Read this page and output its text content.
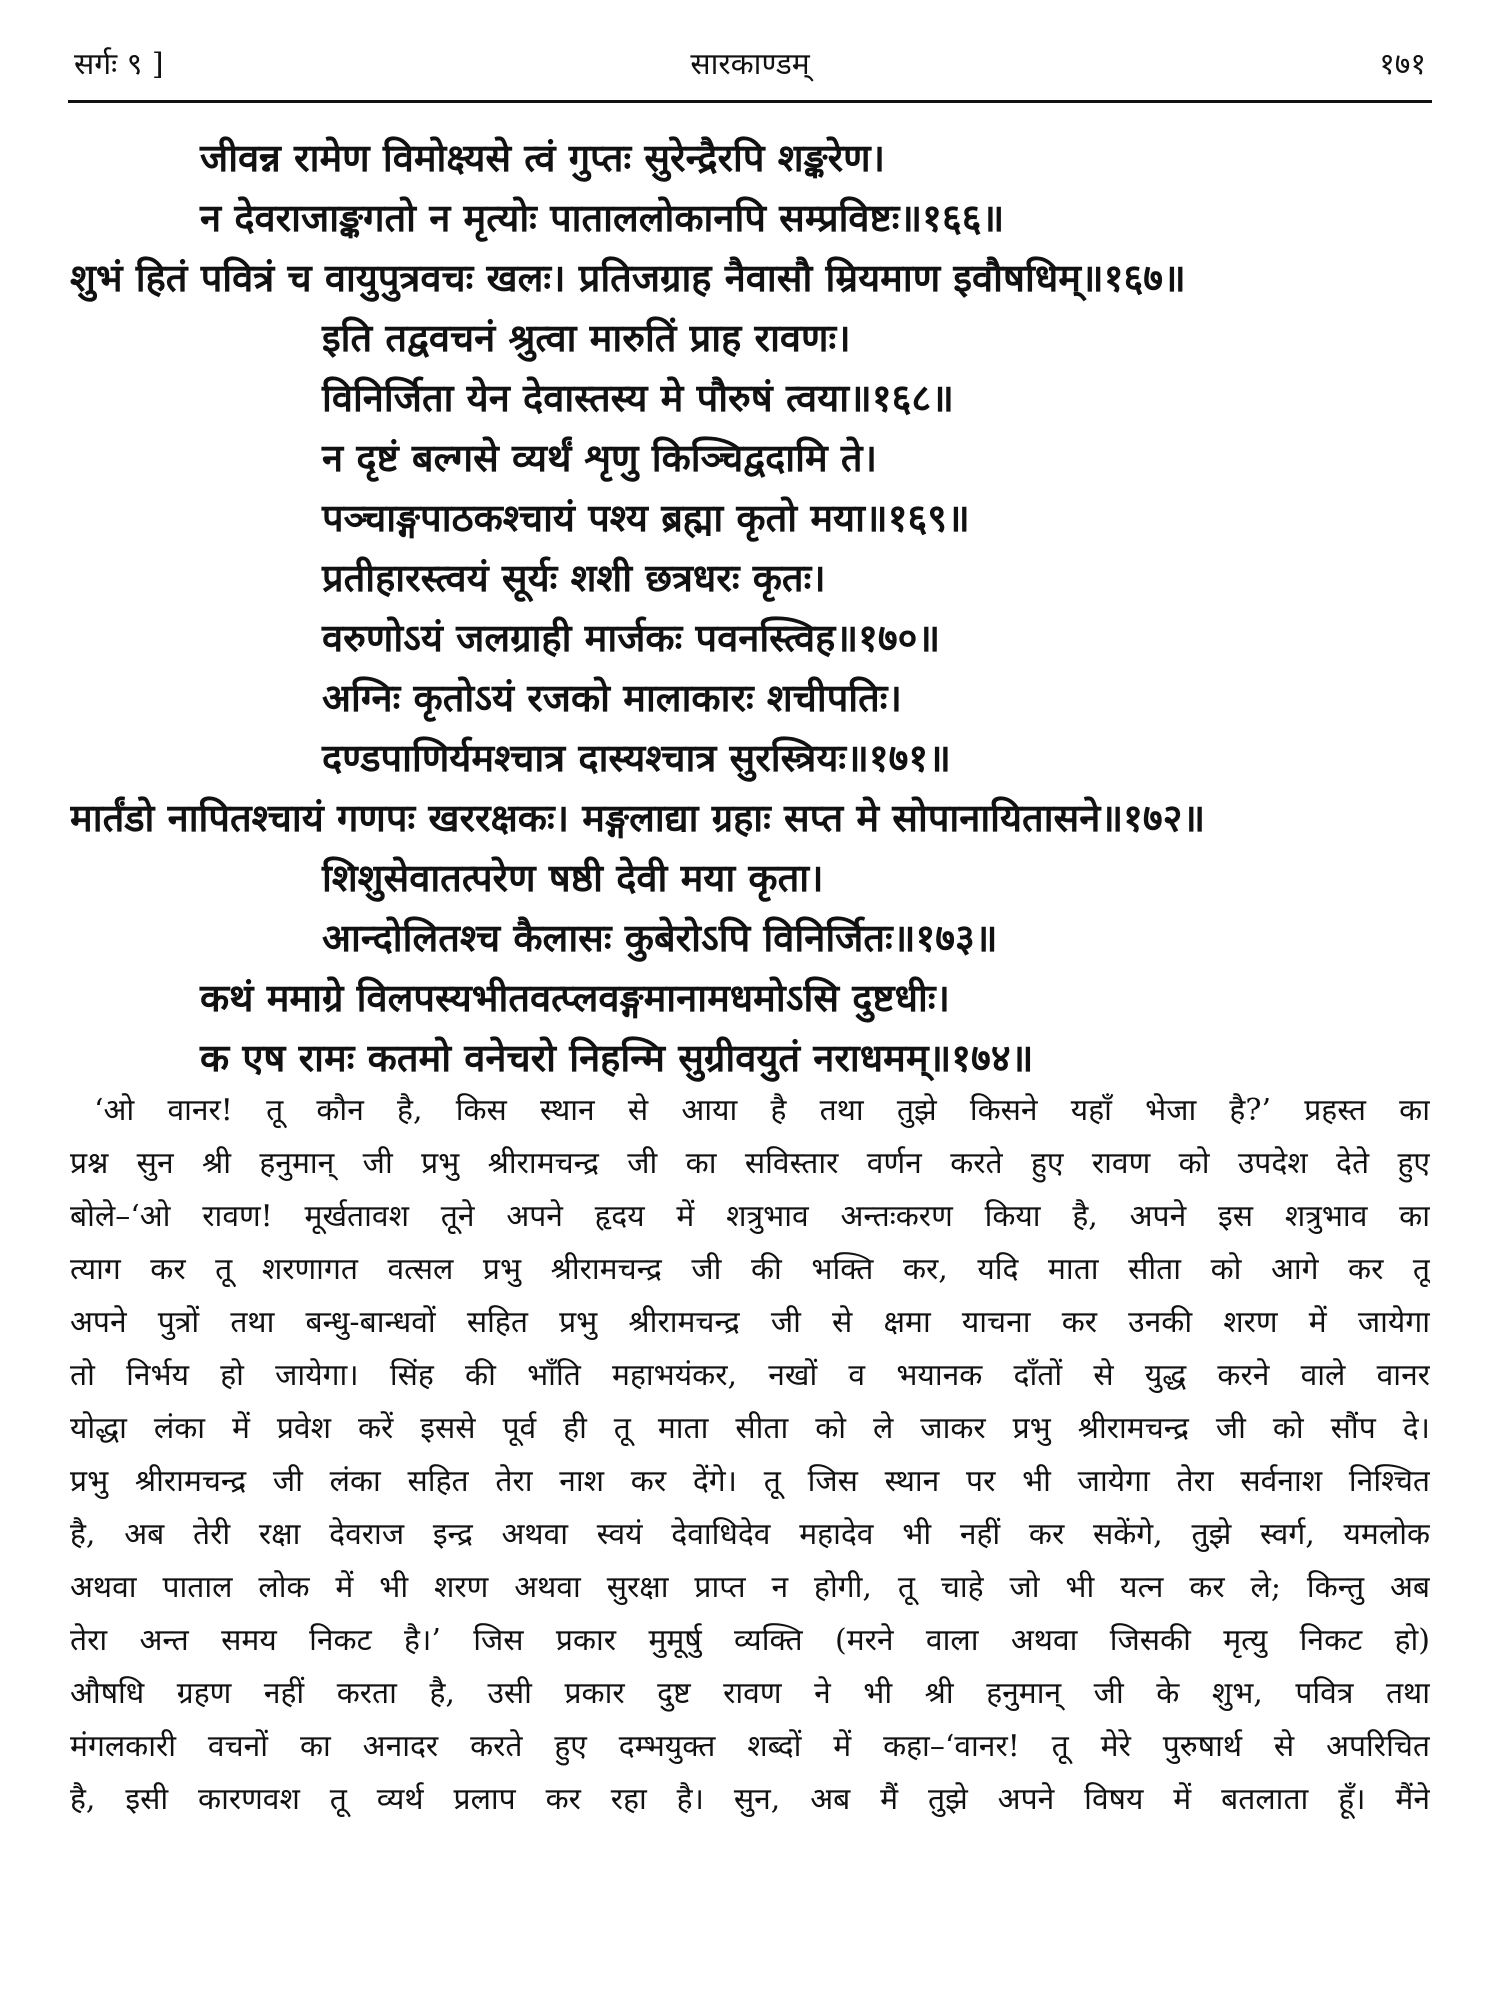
सर्गः ९ ]	सारकाण्डम्	१७१
जीवन्न रामेण विमोक्ष्यसे त्वं गुप्तः सुरेन्द्रैरपि शङ्करेण।
न देवराजाङ्कगतो न मृत्योः पाताललोकानपि सम्प्रविष्टः॥१६६॥
शुभं हितं पवित्रं च वायुपुत्रवचः खलः। प्रतिजग्राह नैवासौ म्रियमाण इवौषधिम्॥१६७॥
इति तद्ववचनं श्रुत्वा मारुतिं प्राह रावणः।
विनिर्जिता येन देवास्तस्य मे पौरुषं त्वया॥१६८॥
न दृष्टं बल्गसे व्यर्थं शृणु किञ्चिद्वदामि ते।
पञ्चाङ्गपाठकश्चायं पश्य ब्रह्मा कृतो मया॥१६९॥
प्रतीहारस्त्वयं सूर्यः शशी छत्रधरः कृतः।
वरुणोऽयं जलग्राही मार्जकः पवनस्त्विह॥१७०॥
अग्निः कृतोऽयं रजको मालाकारः शचीपतिः।
दण्डपाणिर्यमश्चात्र दास्यश्चात्र सुरस्त्रियः॥१७१॥
मार्तंडो नापितश्चायं गणपः खररक्षकः। मङ्गलाद्या ग्रहाः सप्त मे सोपानायितासने॥१७२॥
शिशुसेवातत्परेण षष्ठी देवी मया कृता।
आन्दोलितश्च कैलासः कुबेरोऽपि विनिर्जितः॥१७३॥
कथं ममाग्रे विलपस्यभीतवत्प्लवङ्गमानामधमोऽसि दुष्टधीः।
क एष रामः कतमो वनेचरो निहन्मि सुग्रीवयुतं नराधमम्॥१७४॥
‘ओ वानर! तू कौन है, किस स्थान से आया है तथा तुझे किसने यहाँ भेजा है?’ प्रहस्त का
प्रश्न सुन श्री हनुमान् जी प्रभु श्रीरामचन्द्र जी का सविस्तार वर्णन करते हुए रावण को उपदेश देते हुए
बोले–‘ओ रावण! मूर्खतावश तूने अपने हृदय में शत्रुभाव अन्तःकरण किया है, अपने इस शत्रुभाव का
त्याग कर तू शरणागत वत्सल प्रभु श्रीरामचन्द्र जी की भक्ति कर, यदि माता सीता को आगे कर तू
अपने पुत्रों तथा बन्धु-बान्धवों सहित प्रभु श्रीरामचन्द्र जी से क्षमा याचना कर उनकी शरण में जायेगा
तो निर्भय हो जायेगा। सिंह की भाँति महाभयंकर, नखों व भयानक दाँतों से युद्ध करने वाले वानर
योद्धा लंका में प्रवेश करें इससे पूर्व ही तू माता सीता को ले जाकर प्रभु श्रीरामचन्द्र जी को सौंप दे।
प्रभु श्रीरामचन्द्र जी लंका सहित तेरा नाश कर देंगे। तू जिस स्थान पर भी जायेगा तेरा सर्वनाश निश्चित
है, अब तेरी रक्षा देवराज इन्द्र अथवा स्वयं देवाधिदेव महादेव भी नहीं कर सकेंगे, तुझे स्वर्ग, यमलोक
अथवा पाताल लोक में भी शरण अथवा सुरक्षा प्राप्त न होगी, तू चाहे जो भी यत्न कर ले; किन्तु अब
तेरा अन्त समय निकट है।’ जिस प्रकार मुमूर्षु व्यक्ति (मरने वाला अथवा जिसकी मृत्यु निकट हो)
औषधि ग्रहण नहीं करता है, उसी प्रकार दुष्ट रावण ने भी श्री हनुमान् जी के शुभ, पवित्र तथा
मंगलकारी वचनों का अनादर करते हुए दम्भयुक्त शब्दों में कहा–‘वानर! तू मेरे पुरुषार्थ से अपरिचित
है, इसी कारणवश तू व्यर्थ प्रलाप कर रहा है। सुन, अब मैं तुझे अपने विषय में बतलाता हूँ। मैंने
